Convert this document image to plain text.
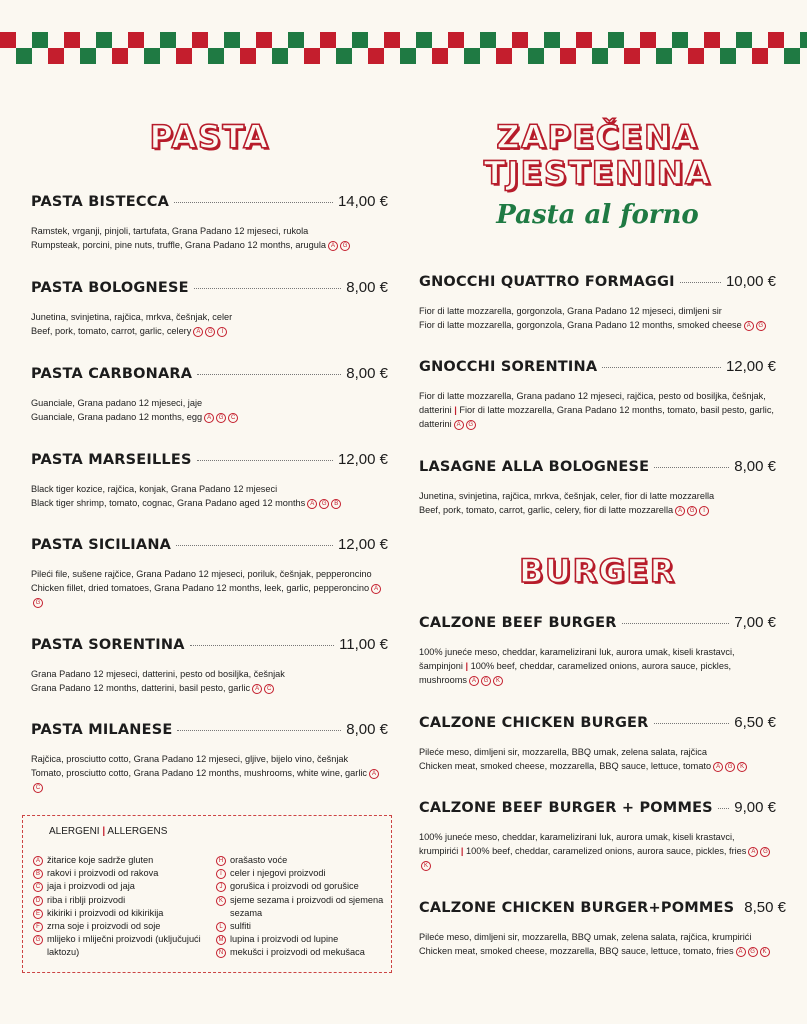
PASTA
PASTA BISTECCA	14,00 €
Ramstek, vrganji, pinjoli, tartufata, Grana Padano 12 mjeseci, rukola
Rumpsteak, porcini, pine nuts, truffle, Grana Padano 12 months, arugula A G
PASTA BOLOGNESE	8,00 €
Junetina, svinjetina, rajčica, mrkva, češnjak, celer
Beef, pork, tomato, carrot, garlic, celery A G I
PASTA CARBONARA	8,00 €
Guanciale, Grana padano 12 mjeseci, jaje
Guanciale, Grana padano 12 months, egg A G C
PASTA MARSEILLES	12,00 €
Black tiger kozice, rajčica, konjak, Grana Padano 12 mjeseci
Black tiger shrimp, tomato, cognac, Grana Padano aged 12 months A G B
PASTA SICILIANA	12,00 €
Pileći file, sušene rajčice, Grana Padano 12 mjeseci, poriluk, češnjak, pepperoncino
Chicken fillet, dried tomatoes, Grana Padano 12 months, leek, garlic, pepperoncino AG
PASTA SORENTINA	11,00 €
Grana Padano 12 mjeseci, datterini, pesto od bosiljka, češnjak
Grana Padano 12 months, datterini, basil pesto, garlic A C
PASTA MILANESE	8,00 €
Rajčica, prosciutto cotto, Grana Padano 12 mjeseci, gljive, bijelo vino, češnjak
Tomato, prosciutto cotto, Grana Padano 12 months, mushrooms, white wine, garlic AC
ALERGENI | ALLERGENS
A žitarice koje sadrže gluten
B rakovi i proizvodi od rakova
C jaja i proizvodi od jaja
D riba i riblji proizvodi
E kikiriki i proizvodi od kikirikija
F zrna soje i proizvodi od soje
G mlijeko i mliječni proizvodi (uključujući laktozu)
H orašasto voće
I celer i njegovi proizvodi
J gorušica i proizvodi od gorušice
K sjeme sezama i proizvodi od sjemena sezama
L sulfiti
M lupina i proizvodi od lupine
N mekušci i proizvodi od mekušaca
ZAPEČENA
TJESTENINA
Pasta al forno
GNOCCHI QUATTRO FORMAGGI	10,00 €
Fior di latte mozzarella, gorgonzola, Grana Padano 12 mjeseci, dimljeni sir
Fior di latte mozzarella, gorgonzola, Grana Padano 12 months, smoked cheese A G
GNOCCHI SORENTINA	12,00 €
Fior di latte mozzarella, Grana padano 12 mjeseci, rajčica, pesto od bosiljka, češnjak, datterini | Fior di latte mozzarella, Grana Padano 12 months, tomato, basil pesto, garlic, datterini A G
LASAGNE ALLA BOLOGNESE	8,00 €
Junetina, svinjetina, rajčica, mrkva, češnjak, celer, fior di latte mozzarella
Beef, pork, tomato, carrot, garlic, celery, fior di latte mozzarella A G I
BURGER
CALZONE BEEF BURGER	7,00 €
100% juneće meso, cheddar, karamelizirani luk, aurora umak, kiseli krastavci, šampinjoni | 100% beef, cheddar, caramelized onions, aurora sauce, pickles, mushrooms A G K
CALZONE CHICKEN BURGER	6,50 €
Pileće meso, dimljeni sir, mozzarella, BBQ umak, zelena salata, rajčica
Chicken meat, smoked cheese, mozzarella, BBQ sauce, lettuce, tomato A G K
CALZONE BEEF BURGER + POMMES 9,00 €
100% juneće meso, cheddar, karamelizirani luk, aurora umak, kiseli krastavci, krumpirići | 100% beef, cheddar, caramelized onions, aurora sauce, pickles, fries A GK
CALZONE CHICKEN BURGER+POMMES 8,50 €
Pileće meso, dimljeni sir, mozzarella, BBQ umak, zelena salata, rajčica, krumpirići
Chicken meat, smoked cheese, mozzarella, BBQ sauce, lettuce, tomato, fries A G K
